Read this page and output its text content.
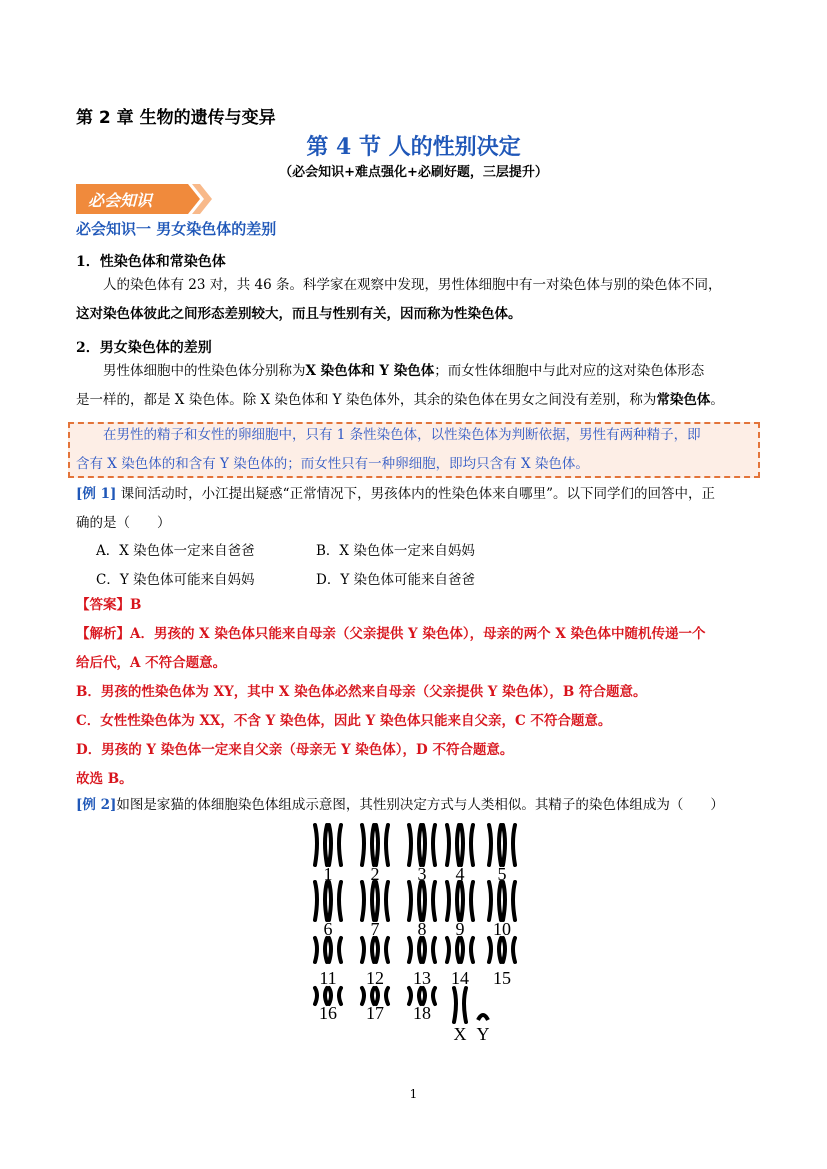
第 2 章 生物的遗传与变异
第 4 节 人的性别决定
（必会知识+难点强化+必刷好题，三层提升）
必会知识
必会知识一 男女染色体的差别
1．性染色体和常染色体
人的染色体有 23 对，共 46 条。科学家在观察中发现，男性体细胞中有一对染色体与别的染色体不同，
这对染色体彼此之间形态差别较大，而且与性别有关，因而称为性染色体。
2．男女染色体的差别
男性体细胞中的性染色体分别称为X 染色体和 Y 染色体；而女性体细胞中与此对应的这对染色体形态
是一样的，都是 X 染色体。除 X 染色体和 Y 染色体外，其余的染色体在男女之间没有差别，称为常染色体。
在男性的精子和女性的卵细胞中，只有 1 条性染色体，以性染色体为判断依据，男性有两种精子，即
含有 X 染色体的和含有 Y 染色体的；而女性只有一种卵细胞，即均只含有 X 染色体。
[例 1] 课间活动时，小江提出疑惑“正常情况下，男孩体内的性染色体来自哪里”。以下同学们的回答中，正
确的是（　　）
A．X 染色体一定来自爸爸	B．X 染色体一定来自妈妈
C．Y 染色体可能来自妈妈	D．Y 染色体可能来自爸爸
【答案】B
【解析】A．男孩的 X 染色体只能来自母亲（父亲提供 Y 染色体），母亲的两个 X 染色体中随机传递一个
给后代，A 不符合题意。
B．男孩的性染色体为 XY，其中 X 染色体必然来自母亲（父亲提供 Y 染色体），B 符合题意。
C．女性性染色体为 XX，不含 Y 染色体，因此 Y 染色体只能来自父亲，C 不符合题意。
D．男孩的 Y 染色体一定来自父亲（母亲无 Y 染色体），D 不符合题意。
故选 B。
[例 2]如图是家猫的体细胞染色体组成示意图，其性别决定方式与人类相似。其精子的染色体组成为（　　）
1 2 3 4 5
6 7 8 9 10
11 12 13 14 15
16 17 18
X Y
1
